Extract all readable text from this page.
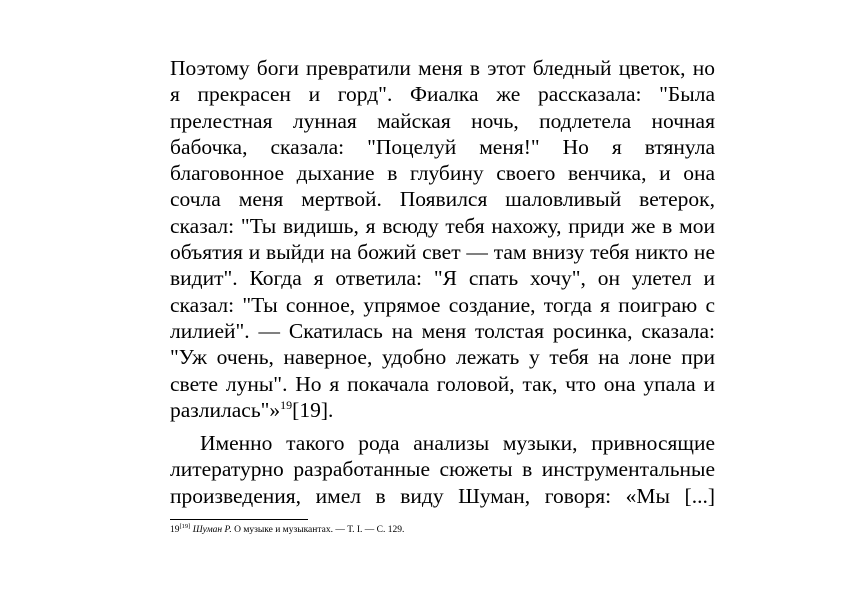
Поэтому боги превратили меня в этот бледный цветок, но я прекрасен и горд". Фиалка же рассказала: "Была прелестная лунная майская ночь, подлетела ночная бабочка, сказала: "Поцелуй меня!" Но я втянула благовонное дыхание в глубину своего венчика, и она сочла меня мертвой. Появился шаловливый ветерок, сказал: "Ты видишь, я всюду тебя нахожу, приди же в мои объятия и выйди на божий свет — там внизу тебя никто не видит". Когда я ответила: "Я спать хочу", он улетел и сказал: "Ты сонное, упрямое создание, тогда я поиграю с лилией". — Скатилась на меня толстая росинка, сказала: "Уж очень, наверное, удобно лежать у тебя на лоне при свете луны". Но я покачала головой, так, что она упала и разлилась"»$^{19}$[19].

Именно такого рода анализы музыки, привносящие литературно разработанные сюжеты в инструментальные произведения, имел в виду Шуман, говоря: «Мы [...]

19[19] Шуман Р. О музыке и музыкантах. — Т. I. — С. 129.
